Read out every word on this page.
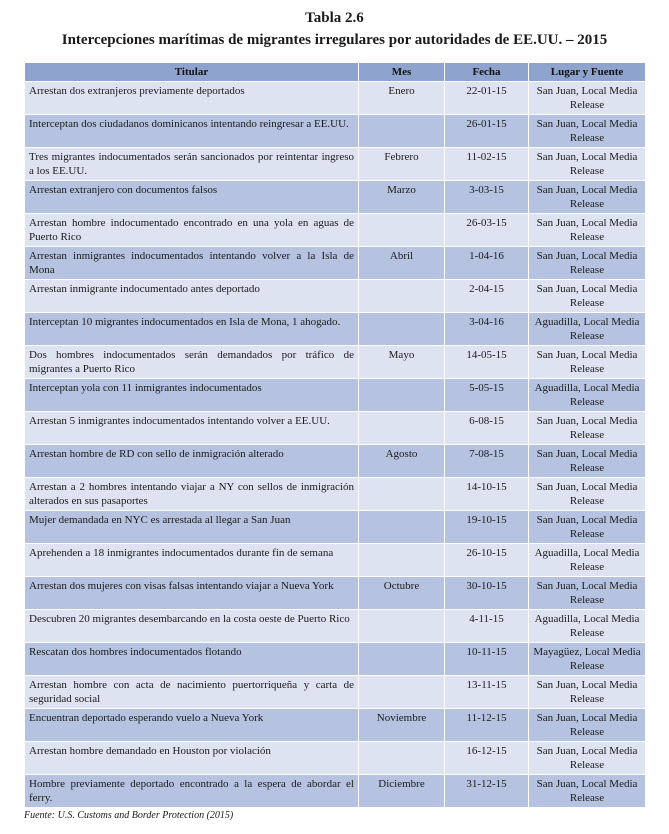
Tabla 2.6
Intercepciones marítimas de migrantes irregulares por autoridades de EE.UU. – 2015
Titular	Mes	Fecha	Lugar y Fuente
Arrestan dos extranjeros previamente deportados	Enero	22-01-15	San Juan, Local Media Release
Interceptan dos ciudadanos dominicanos intentando reingresar a EE.UU.		26-01-15	San Juan, Local Media Release
Tres migrantes indocumentados serán sancionados por reintentar ingreso a los EE.UU.	Febrero	11-02-15	San Juan, Local Media Release
Arrestan extranjero con documentos falsos	Marzo	3-03-15	San Juan, Local Media Release
Arrestan hombre indocumentado encontrado en una yola en aguas de Puerto Rico		26-03-15	San Juan, Local Media Release
Arrestan inmigrantes indocumentados intentando volver a la Isla de Mona	Abril	1-04-16	San Juan, Local Media Release
Arrestan inmigrante indocumentado antes deportado		2-04-15	San Juan, Local Media Release
Interceptan 10 migrantes indocumentados en Isla de Mona, 1 ahogado.		3-04-16	Aguadilla, Local Media Release
Dos hombres indocumentados serán demandados por tráfico de migrantes a Puerto Rico	Mayo	14-05-15	San Juan, Local Media Release
Interceptan yola con 11 inmigrantes indocumentados		5-05-15	Aguadilla, Local Media Release
Arrestan 5 inmigrantes indocumentados intentando volver a EE.UU.		6-08-15	San Juan, Local Media Release
Arrestan hombre de RD con sello de inmigración alterado	Agosto	7-08-15	San Juan, Local Media Release
Arrestan a 2 hombres intentando viajar a NY con sellos de inmigración alterados en sus pasaportes		14-10-15	San Juan, Local Media Release
Mujer demandada en NYC es arrestada al llegar a San Juan		19-10-15	San Juan, Local Media Release
Aprehenden a 18 inmigrantes indocumentados durante fin de semana		26-10-15	Aguadilla, Local Media Release
Arrestan dos mujeres con visas falsas intentando viajar a Nueva York	Octubre	30-10-15	San Juan, Local Media Release
Descubren 20 migrantes desembarcando en la costa oeste de Puerto Rico		4-11-15	Aguadilla, Local Media Release
Rescatan dos hombres indocumentados flotando		10-11-15	Mayagüez, Local Media Release
Arrestan hombre con acta de nacimiento puertorriqueña y carta de seguridad social		13-11-15	San Juan, Local Media Release
Encuentran deportado esperando vuelo a Nueva York	Noviembre	11-12-15	San Juan, Local Media Release
Arrestan hombre demandado en Houston por violación		16-12-15	San Juan, Local Media Release
Hombre previamente deportado encontrado a la espera de abordar el ferry.	Diciembre	31-12-15	San Juan, Local Media Release
Fuente: U.S. Customs and Border Protection (2015)
